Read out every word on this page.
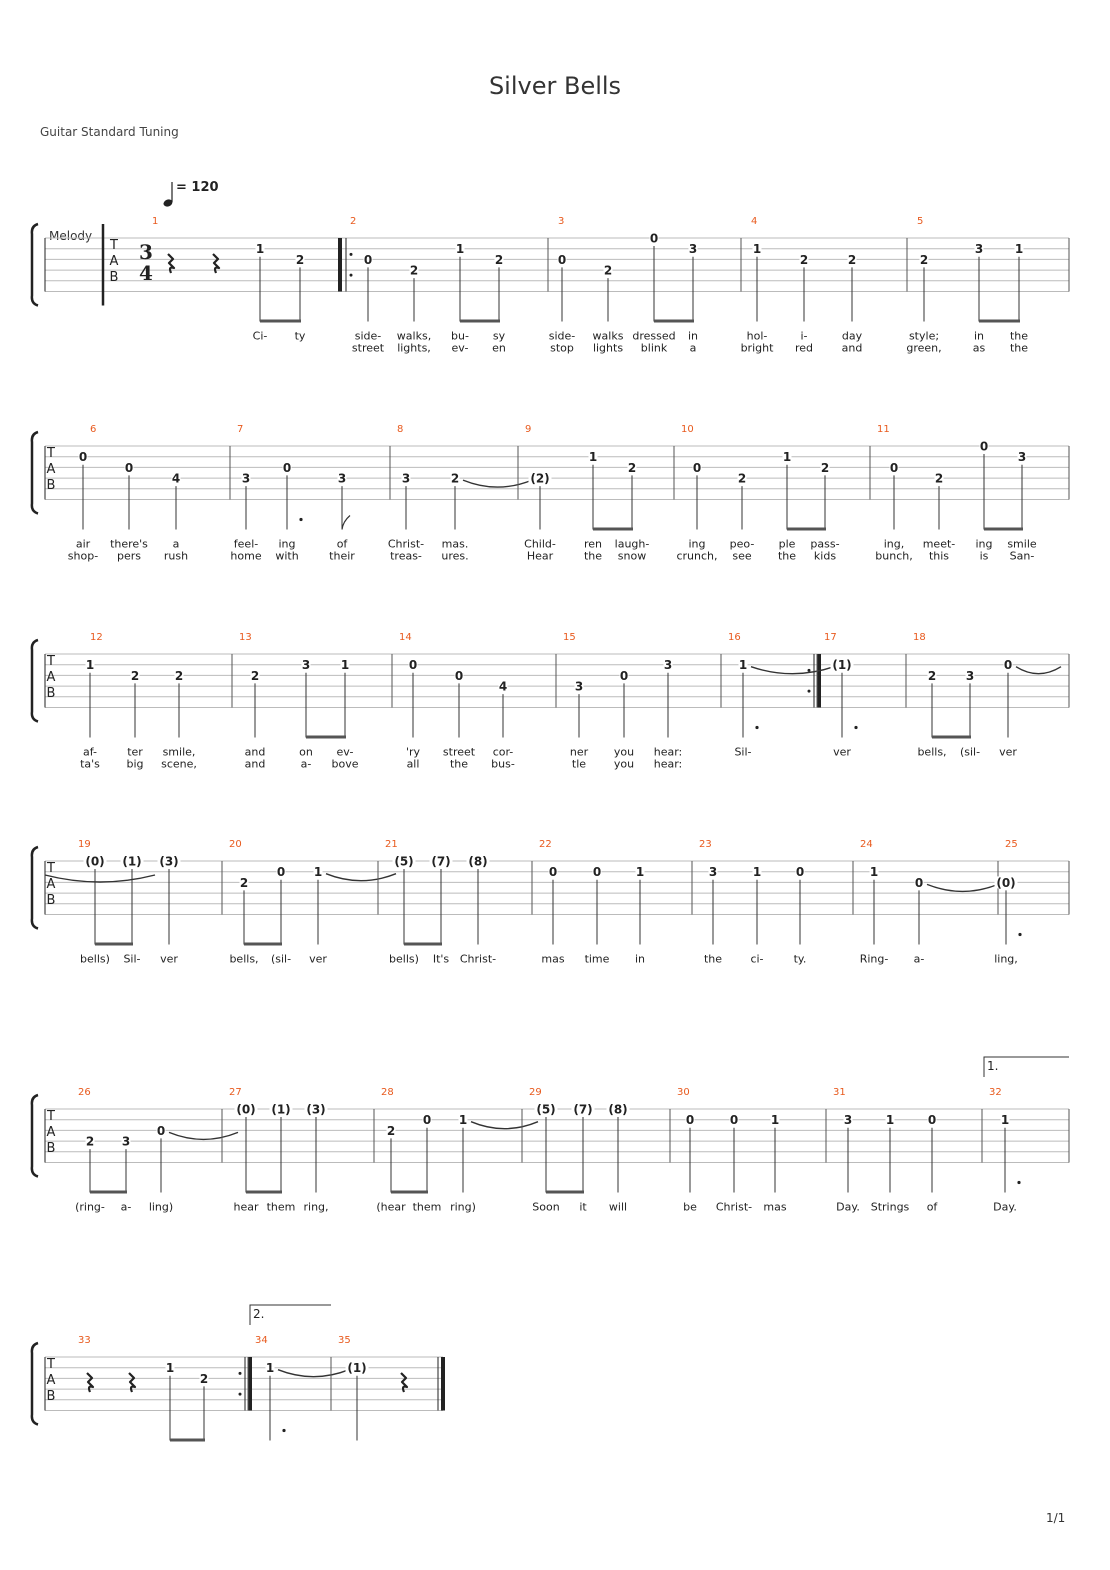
Silver Bells
Guitar Standard Tuning
= 120
Melody
1/1
T
A
B
3
4
1
1
Ci-
2
ty
2
0
side-
street
2
walks,
lights,
1
bu-
ev-
2
sy
en
3
0
side-
stop
2
walks
lights
0
dressed
blink
3
in
a
4
1
hol-
bright
2
i-
red
2
day
and
5
2
style;
green,
3
in
as
1
the
the
T
A
B
6
0
air
shop-
0
there's
pers
4
a
rush
7
3
feel-
home
0
ing
with
3
of
their
8
3
Christ-
treas-
2
mas.
ures.
9
(2)
Child-
Hear
1
ren
the
2
laugh-
snow
10
0
ing
crunch,
2
peo-
see
1
ple
the
2
pass-
kids
11
0
ing,
bunch,
2
meet-
this
0
ing
is
3
smile
San-
T
A
B
12
1
af-
ta's
2
ter
big
2
smile,
scene,
13
2
and
and
3
on
a-
1
ev-
bove
14
0
'ry
all
0
street
the
4
cor-
bus-
15
3
ner
tle
0
you
you
3
hear:
hear:
16
1
Sil-
17
(1)
ver
18
2
bells,
3
(sil-
0
ver
T
A
B
19
(0)
bells)
(1)
Sil-
(3)
ver
20
2
bells,
0
(sil-
1
ver
21
(5)
bells)
(7)
It's
(8)
Christ-
22
0
mas
0
time
1
in
23
3
the
1
ci-
0
ty.
24
1
Ring-
0
a-
25
(0)
ling,
T
A
B
26
2
(ring-
3
a-
0
ling)
27
(0)
hear
(1)
them
(3)
ring,
28
2
(hear
0
them
1
ring)
29
(5)
Soon
(7)
it
(8)
will
30
0
be
0
Christ-
1
mas
31
3
Day.
1
Strings
0
of
32
1.
1
Day.
T
A
B
33
1
2
34
2.
1
35
(1)
